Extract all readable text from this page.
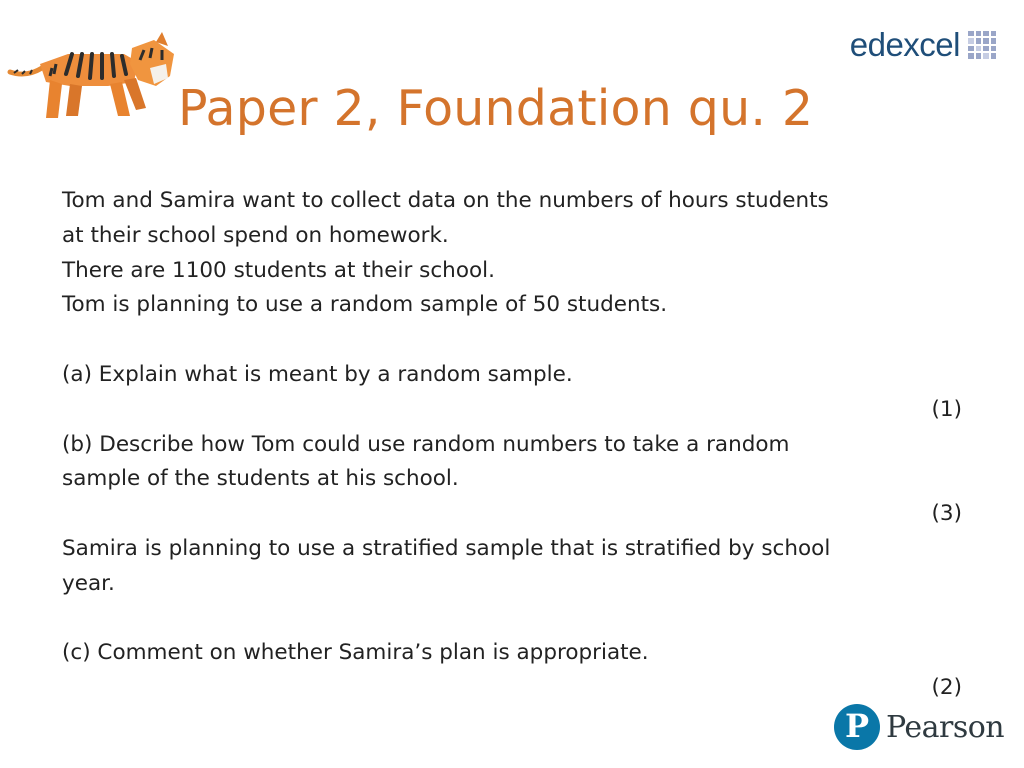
edexcel
Paper 2, Foundation qu. 2

Tom and Samira want to collect data on the numbers of hours students

at their school spend on homework.

There are 1100 students at their school.

Tom is planning to use a random sample of 50 students.

(a) Explain what is meant by a random sample.

(1)

(b) Describe how Tom could use random numbers to take a random

sample of the students at his school.

(3)

Samira is planning to use a stratified sample that is stratified by school

year.

(c) Comment on whether Samira’s plan is appropriate.

(2)

P Pearson
